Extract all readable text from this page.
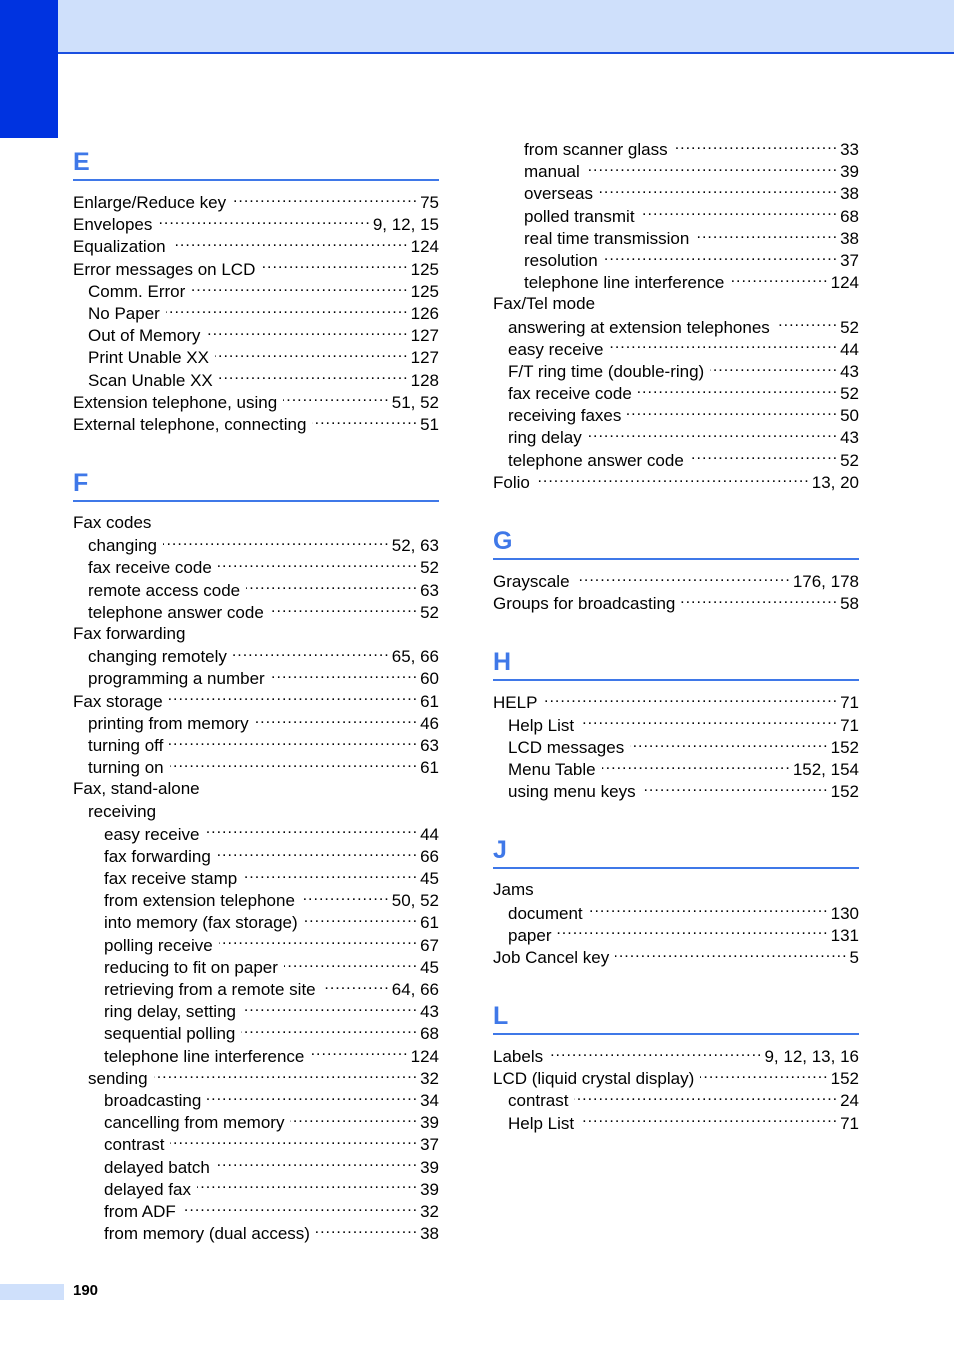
E
Enlarge/Reduce key .....	75
Envelopes .....	9, 12, 15
Equalization .....	124
Error messages on LCD .....	125
Comm. Error .....	125
No Paper .....	126
Out of Memory .....	127
Print Unable XX .....	127
Scan Unable XX .....	128
Extension telephone, using .....	51, 52
External telephone, connecting .....	51
F
Fax codes
changing .....	52, 63
fax receive code .....	52
remote access code .....	63
telephone answer code .....	52
Fax forwarding
changing remotely .....	65, 66
programming a number .....	60
Fax storage .....	61
printing from memory .....	46
turning off .....	63
turning on .....	61
Fax, stand-alone
receiving
easy receive .....	44
fax forwarding .....	66
fax receive stamp .....	45
from extension telephone .....	50, 52
into memory (fax storage) .....	61
polling receive .....	67
reducing to fit on paper .....	45
retrieving from a remote site .....	64, 66
ring delay, setting .....	43
sequential polling .....	68
telephone line interference .....	124
sending .....	32
broadcasting .....	34
cancelling from memory .....	39
contrast .....	37
delayed batch .....	39
delayed fax .....	39
from ADF .....	32
from memory (dual access) .....	38
from scanner glass .....	33
manual .....	39
overseas .....	38
polled transmit .....	68
real time transmission .....	38
resolution .....	37
telephone line interference .....	124
Fax/Tel mode
answering at extension telephones .....	52
easy receive .....	44
F/T ring time (double-ring) .....	43
fax receive code .....	52
receiving faxes .....	50
ring delay .....	43
telephone answer code .....	52
Folio .....	13, 20
G
Grayscale .....	176, 178
Groups for broadcasting .....	58
H
HELP .....	71
Help List .....	71
LCD messages .....	152
Menu Table .....	152, 154
using menu keys .....	152
J
Jams
document .....	130
paper .....	131
Job Cancel key .....	5
L
Labels .....	9, 12, 13, 16
LCD (liquid crystal display) .....	152
contrast .....	24
Help List .....	71
190
